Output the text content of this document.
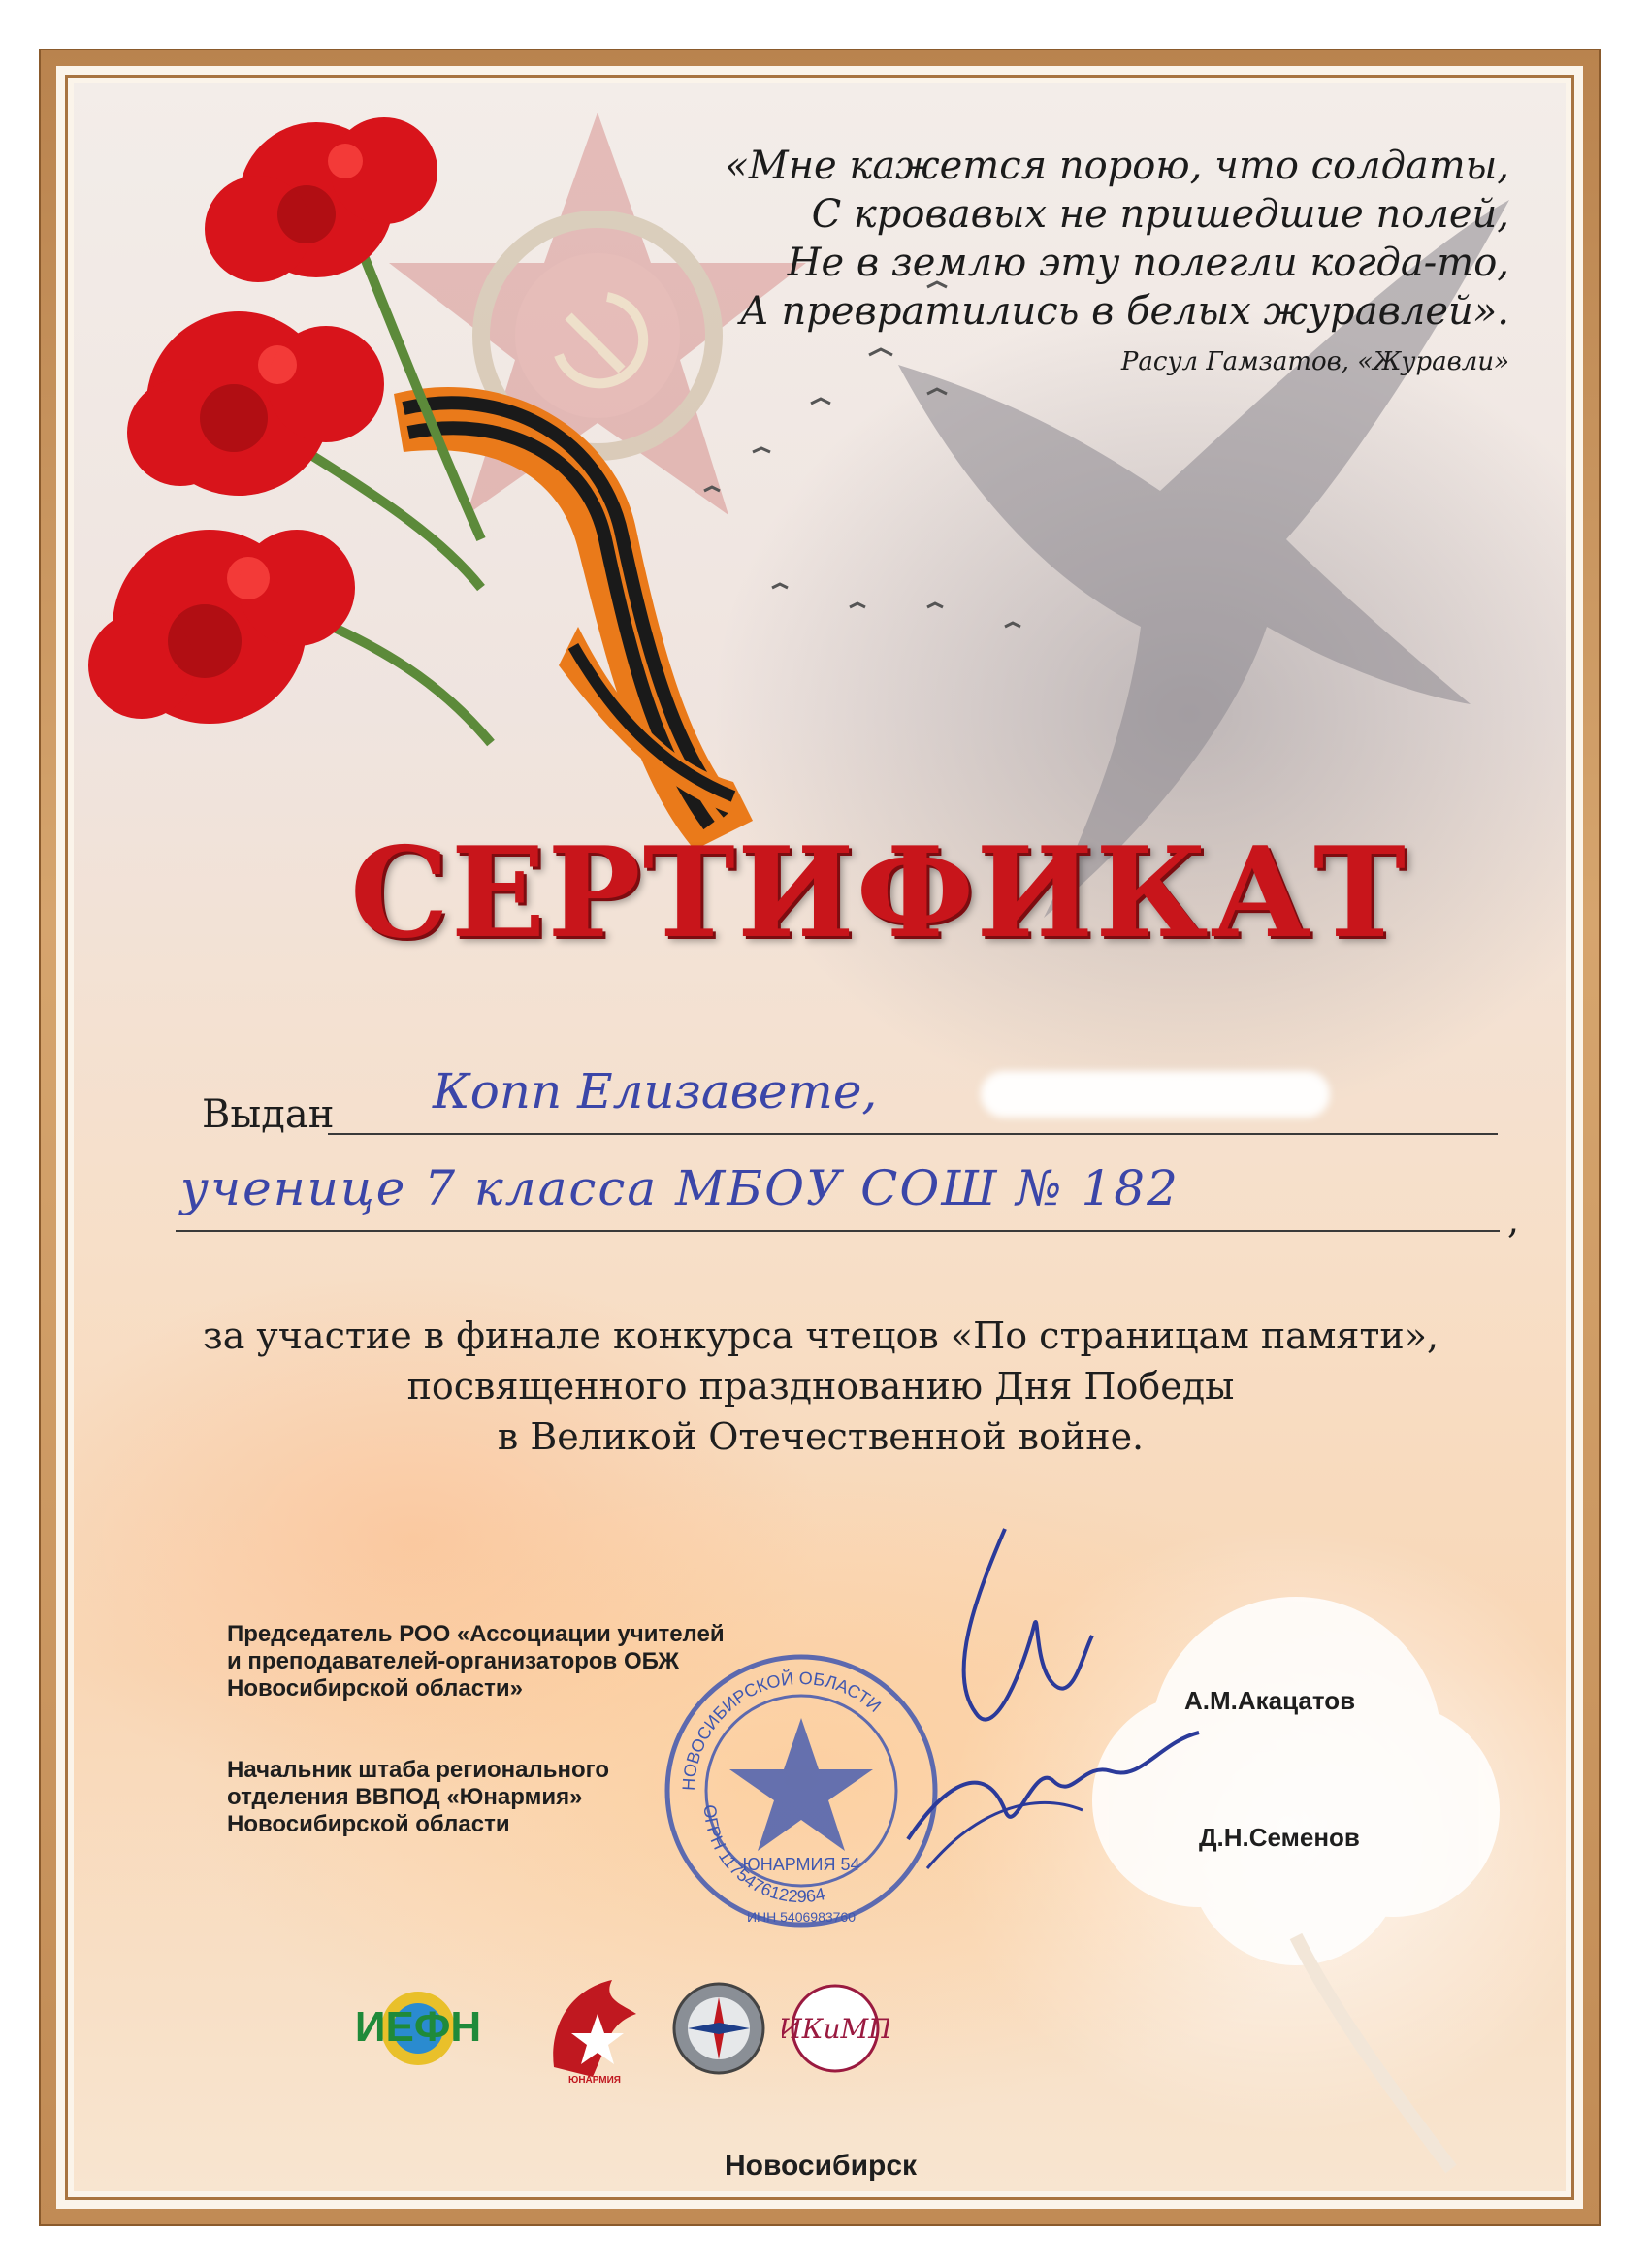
«Мне кажется порою, что солдаты,
С кровавых не пришедшие полей,
Не в землю эту полегли когда-то,
А превратились в белых журавлей».
Расул Гамзатов, «Журавли»
СЕРТИФИКАТ
Выдан Копп Елизавете,
ученице 7 класса МБОУ СОШ № 182
,
за участие в финале конкурса чтецов «По страницам памяти»,
посвященного празднованию Дня Победы
в Великой Отечественной войне.
Председатель РОО «Ассоциации учителей
и преподавателей-организаторов ОБЖ
Новосибирской области»	А.М.Акацатов
Начальник штаба регионального
отделения ВВПОД «Юнармия»
Новосибирской области	Д.Н.Семенов
НОВОСИБИРСКОЙ ОБЛАСТИ
ОГРН 1175476122964
ЮНАРМИЯ 54
ИНН 5406983760
ИЕФН
ЮНАРМИЯ
ИКиМП
Новосибирск
